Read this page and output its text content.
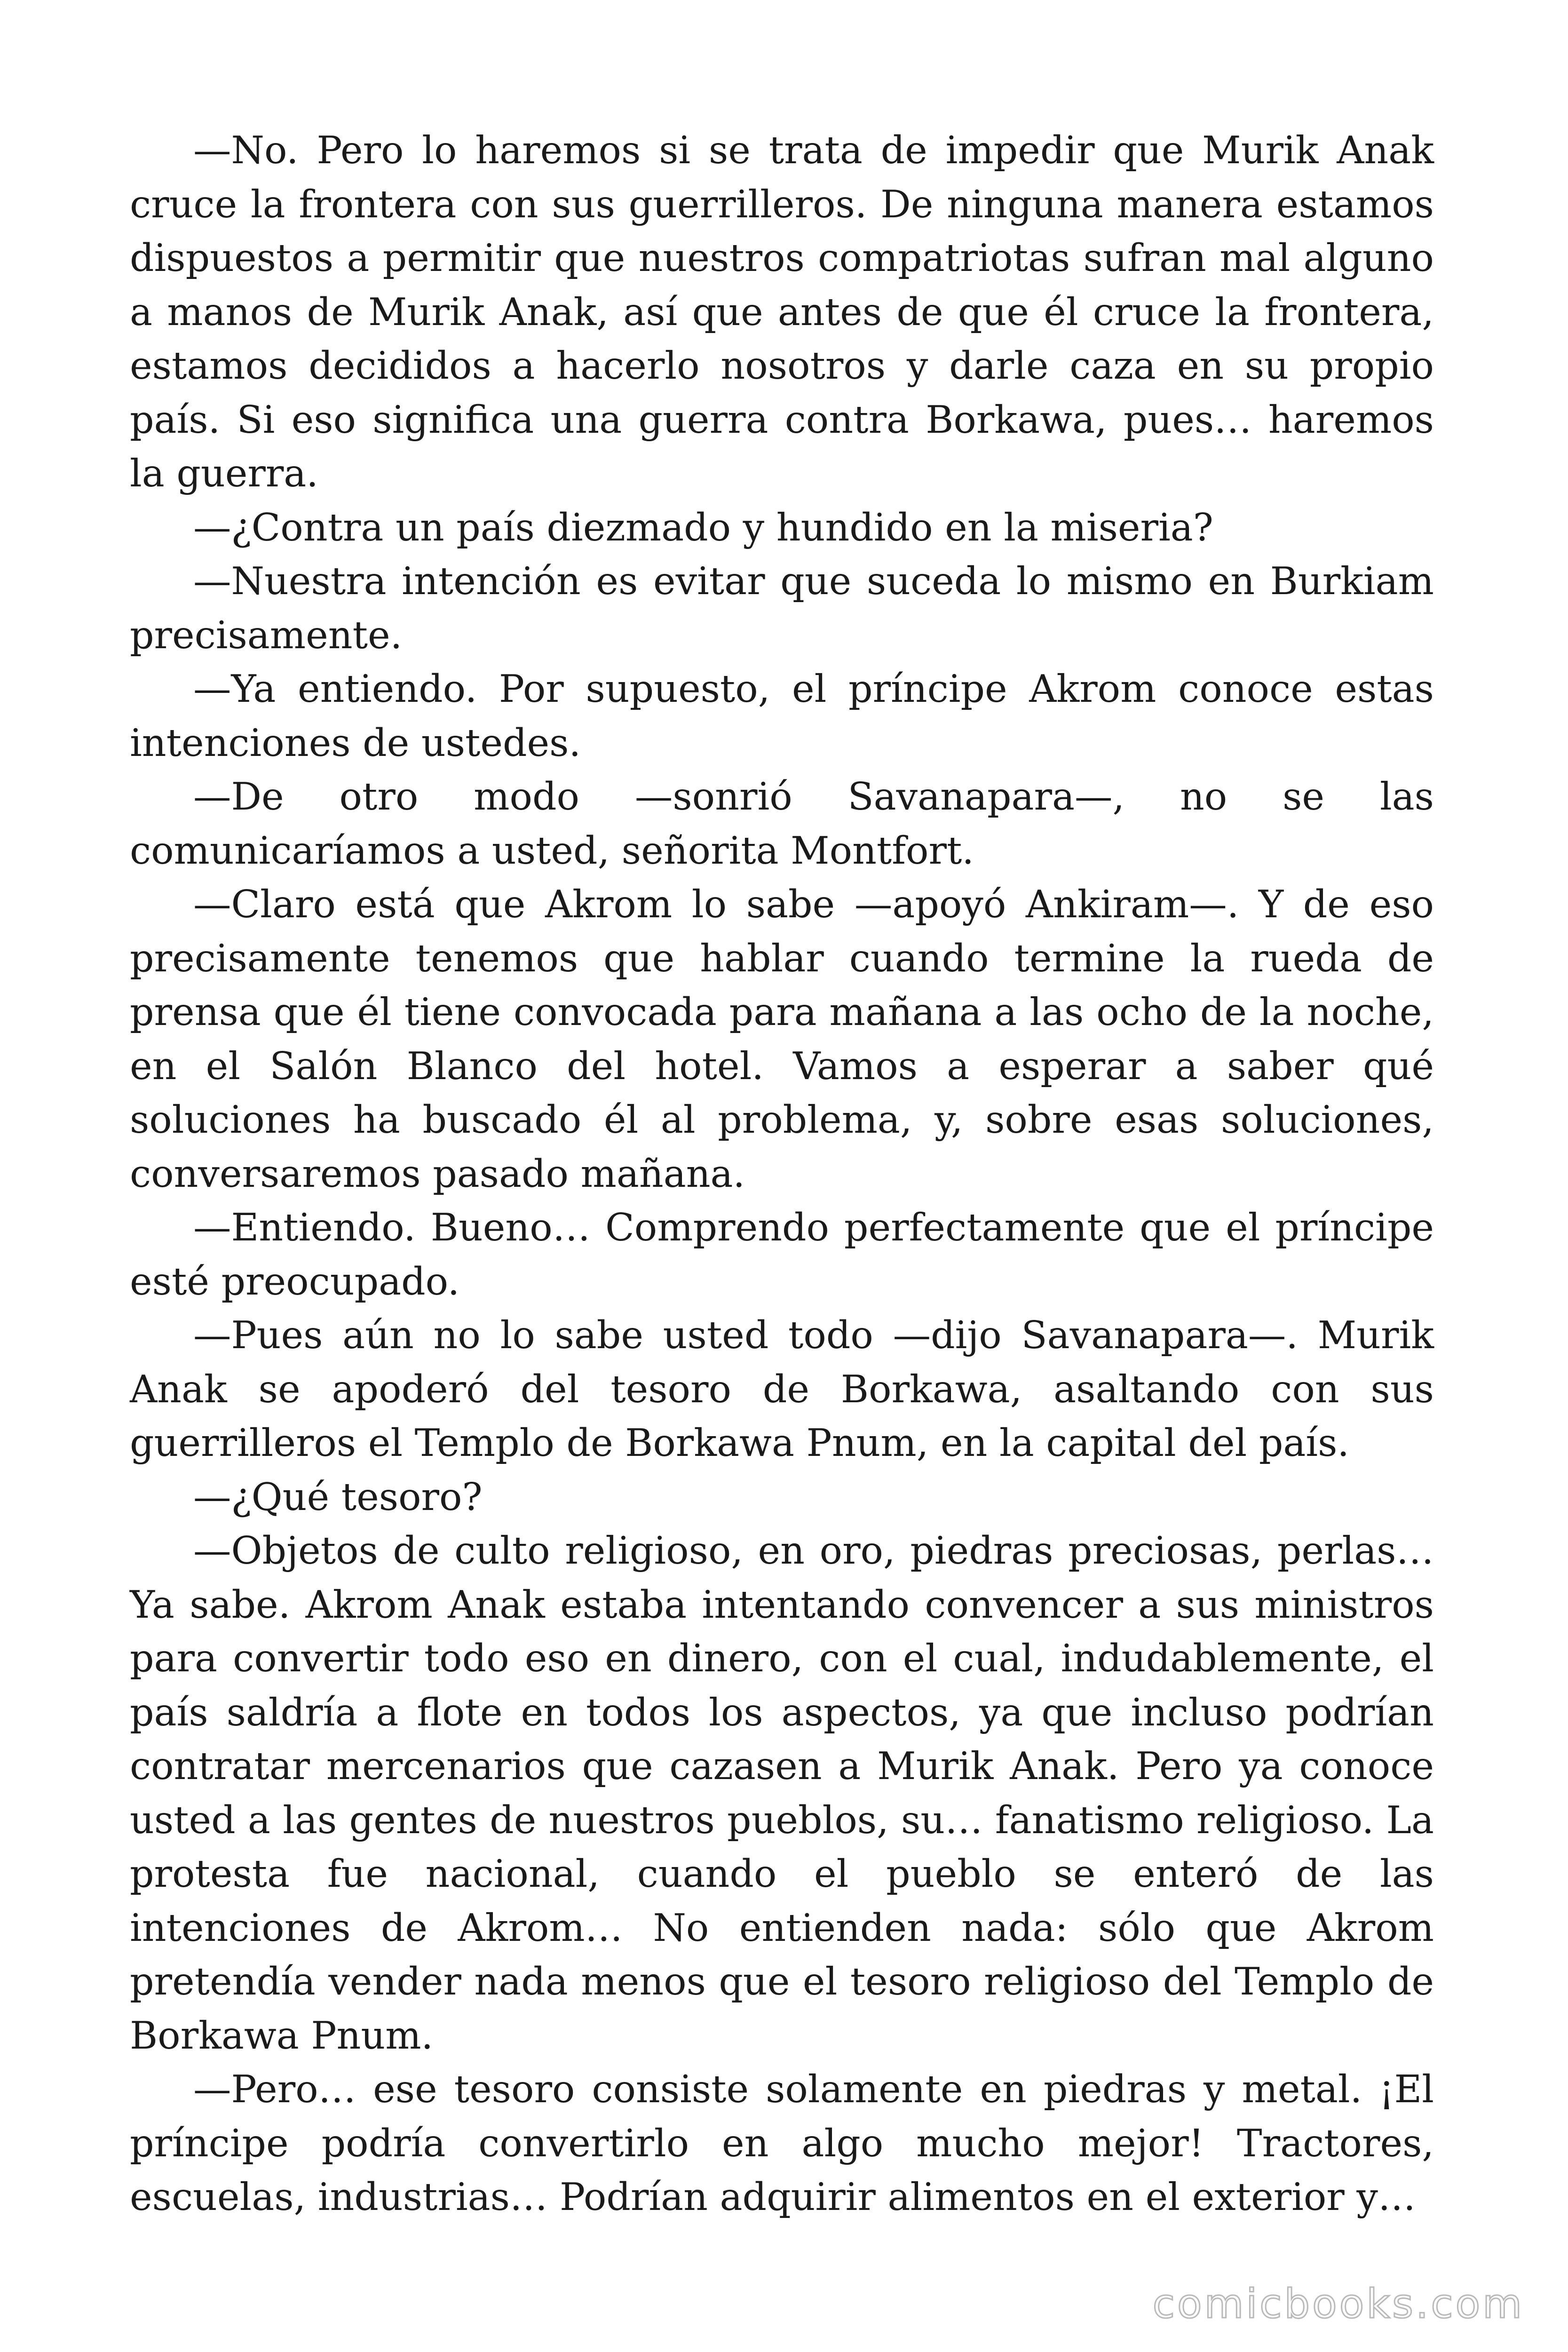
—No. Pero lo haremos si se trata de impedir que Murik Anak cruce la frontera con sus guerrilleros. De ninguna manera estamos dispuestos a permitir que nuestros compatriotas sufran mal alguno a manos de Murik Anak, así que antes de que él cruce la frontera, estamos decididos a hacerlo nosotros y darle caza en su propio país. Si eso significa una guerra contra Borkawa, pues… haremos la guerra.

—¿Contra un país diezmado y hundido en la miseria?

—Nuestra intención es evitar que suceda lo mismo en Burkiam precisamente.

—Ya entiendo. Por supuesto, el príncipe Akrom conoce estas intenciones de ustedes.

—De otro modo —sonrió Savanapara—, no se las comunicaríamos a usted, señorita Montfort.

—Claro está que Akrom lo sabe —apoyó Ankiram—. Y de eso precisamente tenemos que hablar cuando termine la rueda de prensa que él tiene convocada para mañana a las ocho de la noche, en el Salón Blanco del hotel. Vamos a esperar a saber qué soluciones ha buscado él al problema, y, sobre esas soluciones, conversaremos pasado mañana.

—Entiendo. Bueno… Comprendo perfectamente que el príncipe esté preocupado.

—Pues aún no lo sabe usted todo —dijo Savanapara—. Murik Anak se apoderó del tesoro de Borkawa, asaltando con sus guerrilleros el Templo de Borkawa Pnum, en la capital del país.

—¿Qué tesoro?

—Objetos de culto religioso, en oro, piedras preciosas, perlas… Ya sabe. Akrom Anak estaba intentando convencer a sus ministros para convertir todo eso en dinero, con el cual, indudablemente, el país saldría a flote en todos los aspectos, ya que incluso podrían contratar mercenarios que cazasen a Murik Anak. Pero ya conoce usted a las gentes de nuestros pueblos, su… fanatismo religioso. La protesta fue nacional, cuando el pueblo se enteró de las intenciones de Akrom… No entienden nada: sólo que Akrom pretendía vender nada menos que el tesoro religioso del Templo de Borkawa Pnum.

—Pero… ese tesoro consiste solamente en piedras y metal. ¡El príncipe podría convertirlo en algo mucho mejor! Tractores, escuelas, industrias… Podrían adquirir alimentos en el exterior y…

comicbooks.com
